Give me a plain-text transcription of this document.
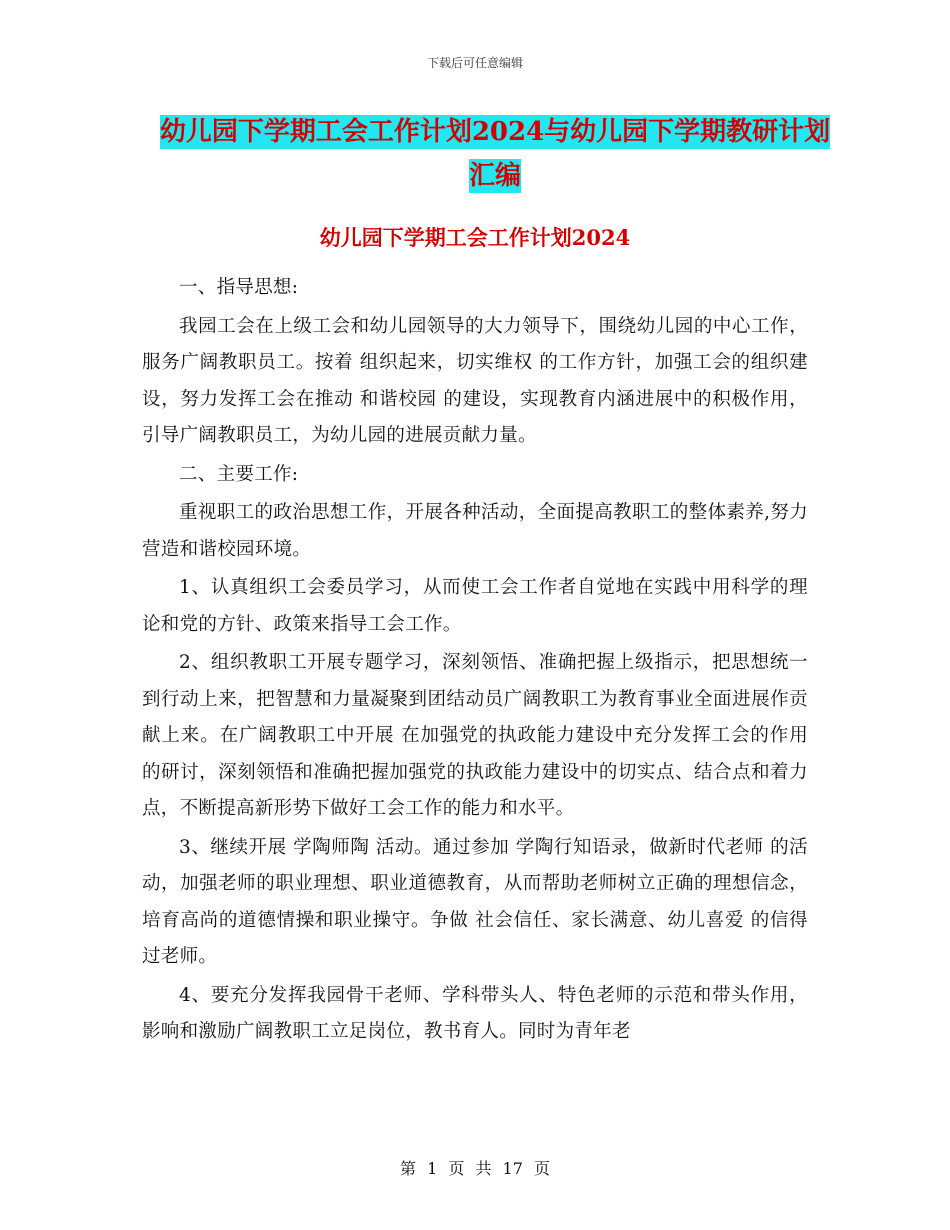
下载后可任意编辑
幼儿园下学期工会工作计划2024与幼儿园下学期教研计划汇编
幼儿园下学期工会工作计划2024

一、指导思想:

我园工会在上级工会和幼儿园领导的大力领导下，围绕幼儿园的中心工作，服务广阔教职员工。按着 组织起来，切实维权 的工作方针，加强工会的组织建设，努力发挥工会在推动 和谐校园 的建设，实现教育内涵进展中的积极作用，引导广阔教职员工，为幼儿园的进展贡献力量。

二、主要工作:

重视职工的政治思想工作，开展各种活动，全面提高教职工的整体素养,努力营造和谐校园环境。

1、认真组织工会委员学习，从而使工会工作者自觉地在实践中用科学的理论和党的方针、政策来指导工会工作。

2、组织教职工开展专题学习，深刻领悟、准确把握上级指示，把思想统一到行动上来，把智慧和力量凝聚到团结动员广阔教职工为教育事业全面进展作贡献上来。在广阔教职工中开展 在加强党的执政能力建设中充分发挥工会的作用 的研讨，深刻领悟和准确把握加强党的执政能力建设中的切实点、结合点和着力点，不断提高新形势下做好工会工作的能力和水平。

3、继续开展 学陶师陶 活动。通过参加 学陶行知语录，做新时代老师 的活动，加强老师的职业理想、职业道德教育，从而帮助老师树立正确的理想信念，培育高尚的道德情操和职业操守。争做 社会信任、家长满意、幼儿喜爱 的信得过老师。

4、要充分发挥我园骨干老师、学科带头人、特色老师的示范和带头作用，影响和激励广阔教职工立足岗位，教书育人。同时为青年老

第 1 页 共 17 页
